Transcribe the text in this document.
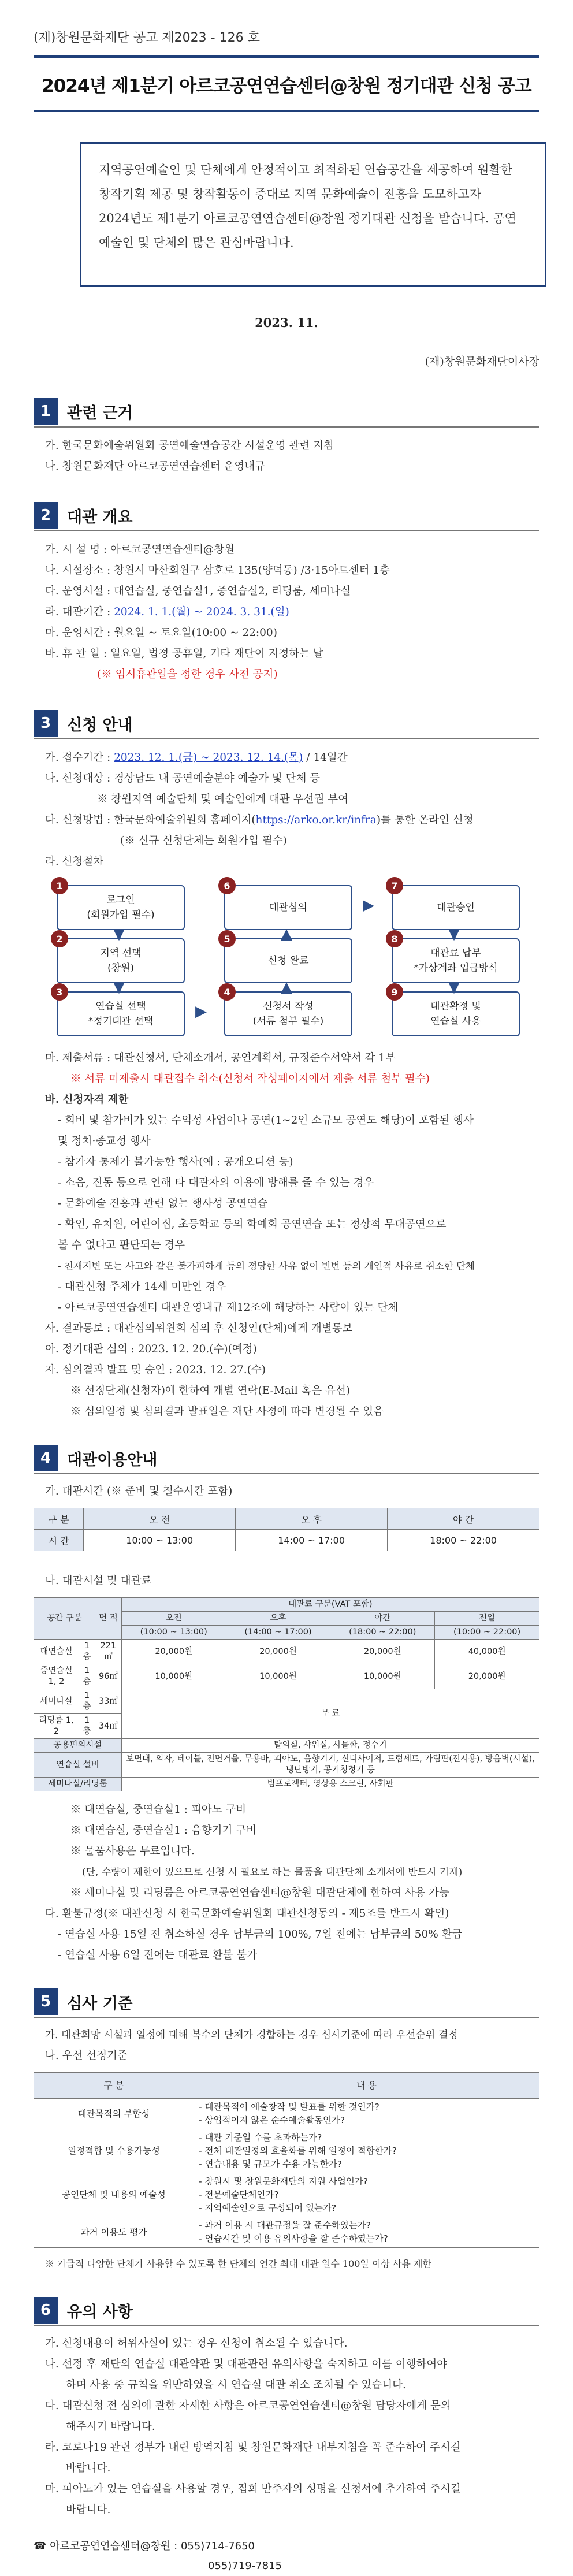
(재)창원문화재단 공고 제2023 - 126 호
2024년 제1분기 아르코공연연습센터@창원 정기대관 신청 공고
지역공연예술인 및 단체에게 안정적이고 최적화된 연습공간을 제공하여 원활한
창작기획 제공 및 창작활동이 증대로 지역 문화예술이 진흥을 도모하고자
2024년도 제1분기 아르코공연연습센터@창원 정기대관 신청을 받습니다. 공연
예술인 및 단체의 많은 관심바랍니다.
2023. 11.
(재)창원문화재단이사장
1	관련 근거
가. 한국문화예술위원회 공연예술연습공간 시설운영 관련 지침
나. 창원문화재단 아르코공연연습센터 운영내규
2	대관 개요
가. 시 설 명 : 아르코공연연습센터@창원
나. 시설장소 : 창원시 마산회원구 삼호로 135(양덕동) /3·15아트센터 1층
다. 운영시설 : 대연습실, 중연습실1, 중연습실2, 리딩룸, 세미나실
라. 대관기간 : 2024. 1. 1.(월) ~ 2024. 3. 31.(일)
마. 운영시간 : 월요일 ~ 토요일(10:00 ~ 22:00)
바. 휴 관 일 : 일요일, 법정 공휴일, 기타 재단이 지정하는 날
(※ 임시휴관일을 정한 경우 사전 공지)
3	신청 안내
가. 접수기간 : 2023. 12. 1.(금) ~ 2023. 12. 14.(목) / 14일간
나. 신청대상 : 경상남도 내 공연예술분야 예술가 및 단체 등
※ 창원지역 예술단체 및 예술인에게 대관 우선권 부여
다. 신청방법 : 한국문화예술위원회 홈페이지(https://arko.or.kr/infra)를 통한 온라인 신청
(※ 신규 신청단체는 회원가입 필수)
라. 신청절차
로그인
(회원가입 필수)
1
지역 선택
(창원)
2
연습실 선택
*정기대관 선택
3
▼
▼
▶
대관심의
6
신청 완료
5
신청서 작성
(서류 첨부 필수)
4	▲
▲
▶	대관승인
7
대관료 납부
*가상계좌 입금방식
8
대관확정 및
연습실 사용
9
▼
▼
마. 제출서류 : 대관신청서, 단체소개서, 공연계획서, 규정준수서약서 각 1부
※ 서류 미제출시 대관접수 취소(신청서 작성페이지에서 제출 서류 첨부 필수)
바. 신청자격 제한
- 회비 및 참가비가 있는 수익성 사업이나 공연(1~2인 소규모 공연도 해당)이 포함된 행사
및 정치·종교성 행사
- 참가자 통제가 불가능한 행사(예 : 공개오디션 등)
- 소음, 진동 등으로 인해 타 대관자의 이용에 방해를 줄 수 있는 경우
- 문화예술 진흥과 관련 없는 행사성 공연연습
- 확인, 유치원, 어린이집, 초등학교 등의 학예회 공연연습 또는 정상적 무대공연으로
볼 수 없다고 판단되는 경우
- 천재지변 또는 사고와 같은 불가피하게 등의 정당한 사유 없이 빈번 등의 개인적 사유로 취소한 단체
- 대관신청 주체가 14세 미만인 경우
- 아르코공연연습센터 대관운영내규 제12조에 해당하는 사람이 있는 단체
사. 결과통보 : 대관심의위원회 심의 후 신청인(단체)에게 개별통보
아. 정기대관 심의 : 2023. 12. 20.(수)(예정)
자. 심의결과 발표 및 승인 : 2023. 12. 27.(수)
※ 선정단체(신청자)에 한하여 개별 연락(E-Mail 혹은 유선)
※ 심의일정 및 심의결과 발표일은 재단 사정에 따라 변경될 수 있음
4	대관이용안내
가. 대관시간 (※ 준비 및 철수시간 포함)
구 분	오 전	오 후	야 간
시 간	10:00 ~ 13:00	14:00 ~ 17:00	18:00 ~ 22:00
나. 대관시설 및 대관료
공간 구분		면 적	대관료 구분(VAT 포함)			
			오전	오후	야간	전일
			(10:00 ~ 13:00)	(14:00 ~ 17:00)	(18:00 ~ 22:00)	(10:00 ~ 22:00)
대연습실	1층	221㎡	20,000원	20,000원	20,000원	40,000원
중연습실 1, 2	1층	96㎡	10,000원	10,000원	10,000원	20,000원
세미나실	1층	33㎡	무 료			
리딩룸 1, 2	1층	34㎡				
공용편의시설			탈의실, 샤워실, 사물함, 정수기			
연습실 설비			보면대, 의자, 테이블, 전면거울, 무용바, 피아노, 음향기기, 신디사이저, 드럼세트, 가림판(전시용), 방음벽(시설), 냉난방기, 공기청정기 등			
세미나실/리딩룸			빔프로젝터, 영상용 스크린, 사회판			
※ 대연습실, 중연습실1 : 피아노 구비
※ 대연습실, 중연습실1 : 음향기기 구비
※ 물품사용은 무료입니다.
(단, 수량이 제한이 있으므로 신청 시 필요로 하는 물품을 대관단체 소개서에 반드시 기재)
※ 세미나실 및 리딩룸은 아르코공연연습센터@창원 대관단체에 한하여 사용 가능
다. 환불규정(※ 대관신청 시 한국문화예술위원회 대관신청동의 - 제5조를 반드시 확인)
- 연습실 사용 15일 전 취소하실 경우 납부금의 100%, 7일 전에는 납부금의 50% 환급
- 연습실 사용 6일 전에는 대관료 환불 불가
5	심사 기준
가. 대관희망 시설과 일정에 대해 복수의 단체가 경합하는 경우 심사기준에 따라 우선순위 결정
나. 우선 선정기준
구 분	내 용
대관목적의 부합성	- 대관목적이 예술창작 및 발표를 위한 것인가?
- 상업적이지 않은 순수예술활동인가?

일정적합 및 수용가능성	- 대관 기준일 수를 초과하는가?
- 전체 대관일정의 효율화를 위해 일정이 적합한가?
- 연습내용 및 규모가 수용 가능한가?

공연단체 및 내용의 예술성	- 창원시 및 창원문화재단의 지원 사업인가?
- 전문예술단체인가?
- 지역예술인으로 구성되어 있는가?

과거 이용도 평가	- 과거 이용 시 대관규정을 잘 준수하였는가?
- 연습시간 및 이용 유의사항을 잘 준수하였는가?
※ 가급적 다양한 단체가 사용할 수 있도록 한 단체의 연간 최대 대관 일수 100일 이상 사용 제한
6	유의 사항
가. 신청내용이 허위사실이 있는 경우 신청이 취소될 수 있습니다.
나. 선정 후 재단의 연습실 대관약관 및 대관관련 유의사항을 숙지하고 이를 이행하여야
하며 사용 중 규칙을 위반하였을 시 연습실 대관 취소 조치될 수 있습니다.
다. 대관신청 전 심의에 관한 자세한 사항은 아르코공연연습센터@창원 담당자에게 문의
해주시기 바랍니다.
라. 코로나19 관련 정부가 내린 방역지침 및 창원문화재단 내부지침을 꼭 준수하여 주시길
바랍니다.
마. 피아노가 있는 연습실을 사용할 경우, 집회 반주자의 성명을 신청서에 추가하여 주시길
바랍니다.
☎ 아르코공연연습센터@창원 : 055)714-7650
055)719-7815
